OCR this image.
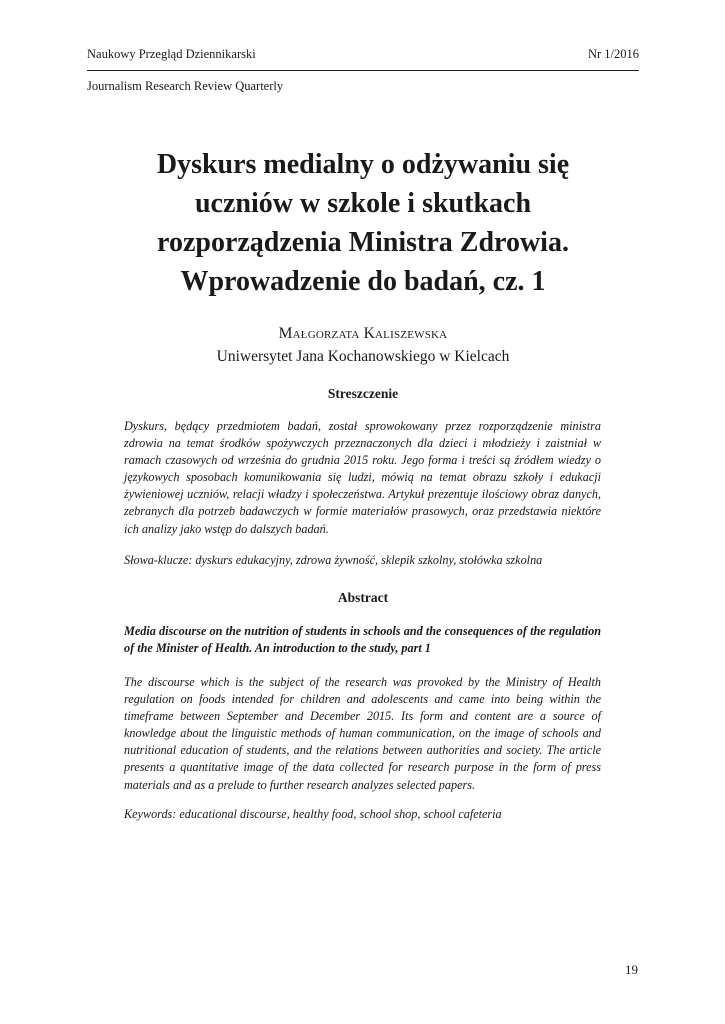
Naukowy Przegląd Dziennikarski	Nr 1/2016
Journalism Research Review Quarterly
Dyskurs medialny o odżywaniu się
uczniów w szkole i skutkach
rozporządzenia Ministra Zdrowia.
Wprowadzenie do badań, cz. 1
Małgorzata Kaliszewska
Uniwersytet Jana Kochanowskiego w Kielcach
Streszczenie

Dyskurs, będący przedmiotem badań, został sprowokowany przez rozporządzenie ministra zdrowia na temat środków spożywczych przeznaczonych dla dzieci i młodzieży i zaistniał w ramach czasowych od września do grudnia 2015 roku. Jego forma i treści są źródłem wiedzy o językowych sposobach komunikowania się ludzi, mówią na temat obrazu szkoły i edukacji żywieniowej uczniów, relacji władzy i społeczeństwa. Artykuł prezentuje ilościowy obraz danych, zebranych dla potrzeb badawczych w formie materiałów prasowych, oraz przedstawia niektóre ich analizy jako wstęp do dalszych badań.

Słowa-klucze: dyskurs edukacyjny, zdrowa żywność, sklepik szkolny, stołówka szkolna

Abstract

Media discourse on the nutrition of students in schools and the consequences of the regulation of the Minister of Health. An introduction to the study, part 1

The discourse which is the subject of the research was provoked by the Ministry of Health regulation on foods intended for children and adolescents and came into being within the timeframe between September and December 2015. Its form and content are a source of knowledge about the linguistic methods of human communication, on the image of schools and nutritional education of students, and the relations between authorities and society. The article presents a quantitative image of the data collected for research purpose in the form of press materials and as a prelude to further research analyzes selected papers.

Keywords: educational discourse, healthy food, school shop, school cafeteria

19
